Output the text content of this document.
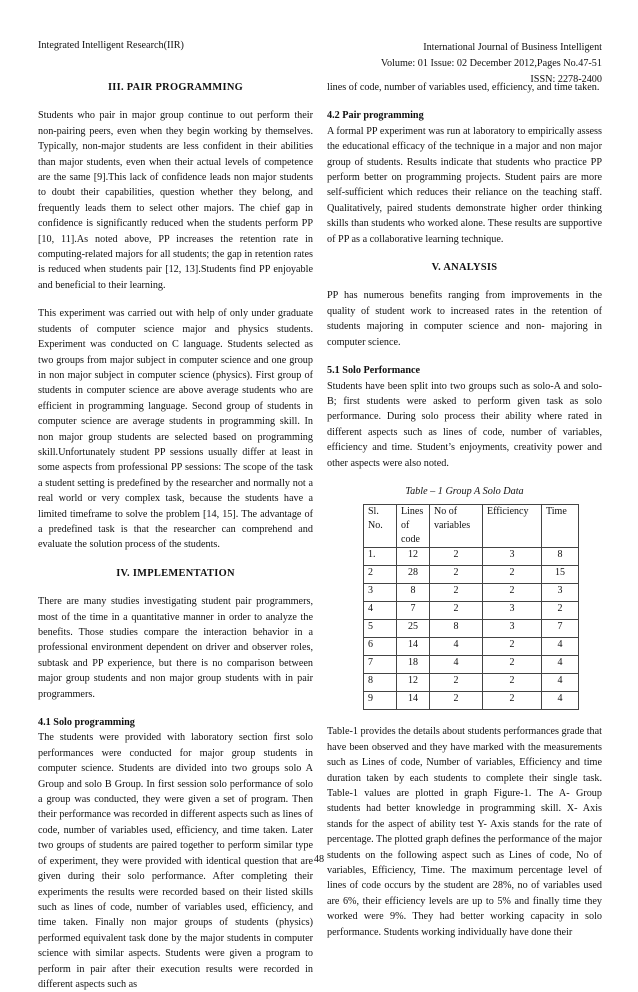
Integrated Intelligent Research(IIR)	International Journal of Business Intelligent
Volume: 01 Issue: 02 December 2012,Pages No.47-51
ISSN: 2278-2400
III. PAIR PROGRAMMING

Students who pair in major group continue to out perform their non-pairing peers, even when they begin working by themselves. Typically, non-major students are less confident in their abilities than major students, even when their actual levels of competence are the same [9].This lack of confidence leads non major students to doubt their capabilities, question whether they belong, and frequently leads them to select other majors. The chief gap in confidence is significantly reduced when the students perform PP [10, 11].As noted above, PP increases the retention rate in computing-related majors for all students; the gap in retention rates is reduced when students pair [12, 13].Students find PP enjoyable and beneficial to their learning.

This experiment was carried out with help of only under graduate students of computer science major and physics students. Experiment was conducted on C language. Students selected as two groups from major subject in computer science and one group in non major subject in computer science (physics). First group of students in computer science are above average students who are efficient in programming language. Second group of students in computer science are average students in programming skill. In non major group students are selected based on programming skill.Unfortunately student PP sessions usually differ at least in some aspects from professional PP sessions: The scope of the task a student setting is predefined by the researcher and normally not a real world or very complex task, because the students have a limited timeframe to solve the problem [14, 15]. The advantage of a predefined task is that the researcher can comprehend and evaluate the solution process of the students.

IV. IMPLEMENTATION

There are many studies investigating student pair programmers, most of the time in a quantitative manner in order to analyze the benefits. Those studies compare the interaction behavior in a professional environment dependent on driver and observer roles, subtask and PP experience, but there is no comparison between major group students and non major group students with in pair programmers.

4.1 Solo programming

The students were provided with laboratory section first solo performances were conducted for major group students in computer science. Students are divided into two groups solo A Group and solo B Group. In first session solo performance of solo a group was conducted, they were given a set of program. Then their performance was recorded in different aspects such as lines of code, number of variables used, efficiency, and time taken. Later two groups of students are paired together to perform similar type of experiment, they were provided with identical question that are given during their solo performance. After completing their experiments the results were recorded based on their listed skills such as lines of code, number of variables used, efficiency, and time taken. Finally non major groups of students (physics) performed equivalent task done by the major students in computer science with similar aspects. Students were given a program to perform in pair after their execution results were recorded in different aspects such as

lines of code, number of variables used, efficiency, and time taken.

4.2 Pair programming

A formal PP experiment was run at laboratory to empirically assess the educational efficacy of the technique in a major and non major group of students. Results indicate that students who practice PP perform better on programming projects. Student pairs are more self-sufficient which reduces their reliance on the teaching staff. Qualitatively, paired students demonstrate higher order thinking skills than students who worked alone. These results are supportive of PP as a collaborative learning technique.

V. ANALYSIS

PP has numerous benefits ranging from improvements in the quality of student work to increased rates in the retention of students majoring in computer science and non- majoring in computer science.

5.1 Solo Performance

Students have been split into two groups such as solo-A and solo-B; first students were asked to perform given task as solo performance. During solo process their ability where rated in different aspects such as lines of code, number of variables, efficiency and time. Student’s enjoyments, creativity power and other aspects were also noted.

Table – 1 Group A Solo Data
Sl. No.	Lines of code	No of variables	Efficiency	Time
1.	12	2	3	8
2	28	2	2	15
3	8	2	2	3
4	7	2	3	2
5	25	8	3	7
6	14	4	2	4
7	18	4	2	4
8	12	2	2	4
9	14	2	2	4

Table-1 provides the details about students performances grade that have been observed and they have marked with the measurements such as Lines of code, Number of variables, Efficiency and time duration taken by each students to complete their single task. Table-1 values are plotted in graph Figure-1. The A- Group students had better knowledge in programming skill. X- Axis stands for the aspect of ability test Y- Axis stands for the rate of percentage. The plotted graph defines the performance of the major students on the following aspect such as Lines of code, No of variables, Efficiency, Time. The maximum percentage level of lines of code occurs by the student are 28%, no of variables used are 6%, their efficiency levels are up to 5% and finally time they worked were 9%. They had better working capacity in solo performance. Students working individually have done their

48
